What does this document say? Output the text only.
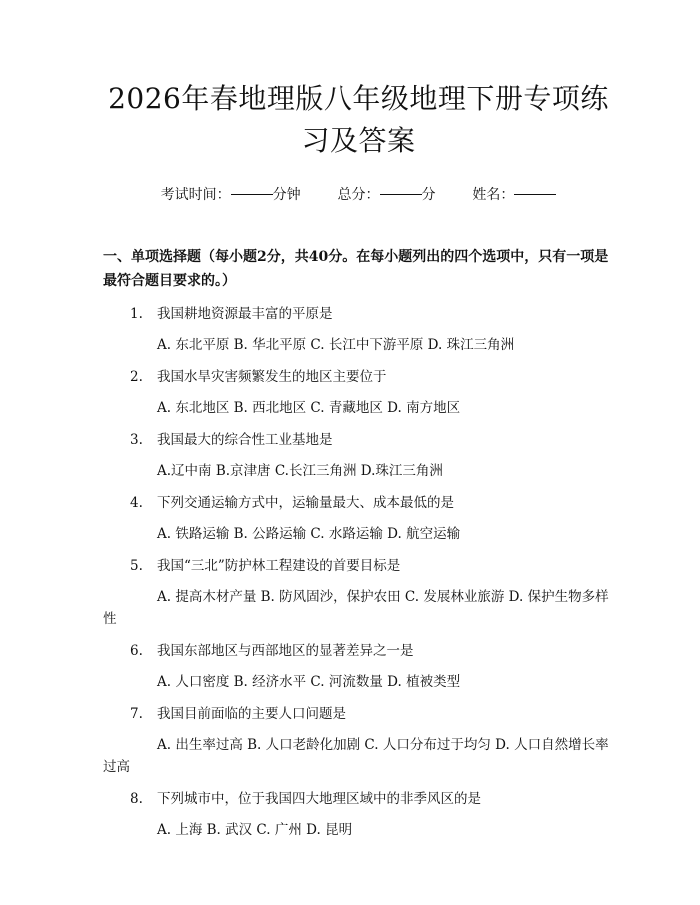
2026年春地理版八年级地理下册专项练习及答案
考试时间：	分钟	总分：	分	姓名：
一、单项选择题（每小题2分，共40分。在每小题列出的四个选项中，只有一项是最符合题目要求的。）
1. 我国耕地资源最丰富的平原是
A. 东北平原 B. 华北平原 C. 长江中下游平原 D. 珠江三角洲
2. 我国水旱灾害频繁发生的地区主要位于
A. 东北地区 B. 西北地区 C. 青藏地区 D. 南方地区
3. 我国最大的综合性工业基地是
A.辽中南 B.京津唐 C.长江三角洲 D.珠江三角洲
4. 下列交通运输方式中，运输量最大、成本最低的是
A. 铁路运输 B. 公路运输 C. 水路运输 D. 航空运输
5. 我国“三北”防护林工程建设的首要目标是
A. 提高木材产量 B. 防风固沙，保护农田 C. 发展林业旅游 D. 保护生物多样性
6. 我国东部地区与西部地区的显著差异之一是
A. 人口密度 B. 经济水平 C. 河流数量 D. 植被类型
7. 我国目前面临的主要人口问题是
A. 出生率过高 B. 人口老龄化加剧 C. 人口分布过于均匀 D. 人口自然增长率过高
8. 下列城市中，位于我国四大地理区域中的非季风区的是
A. 上海 B. 武汉 C. 广州 D. 昆明
